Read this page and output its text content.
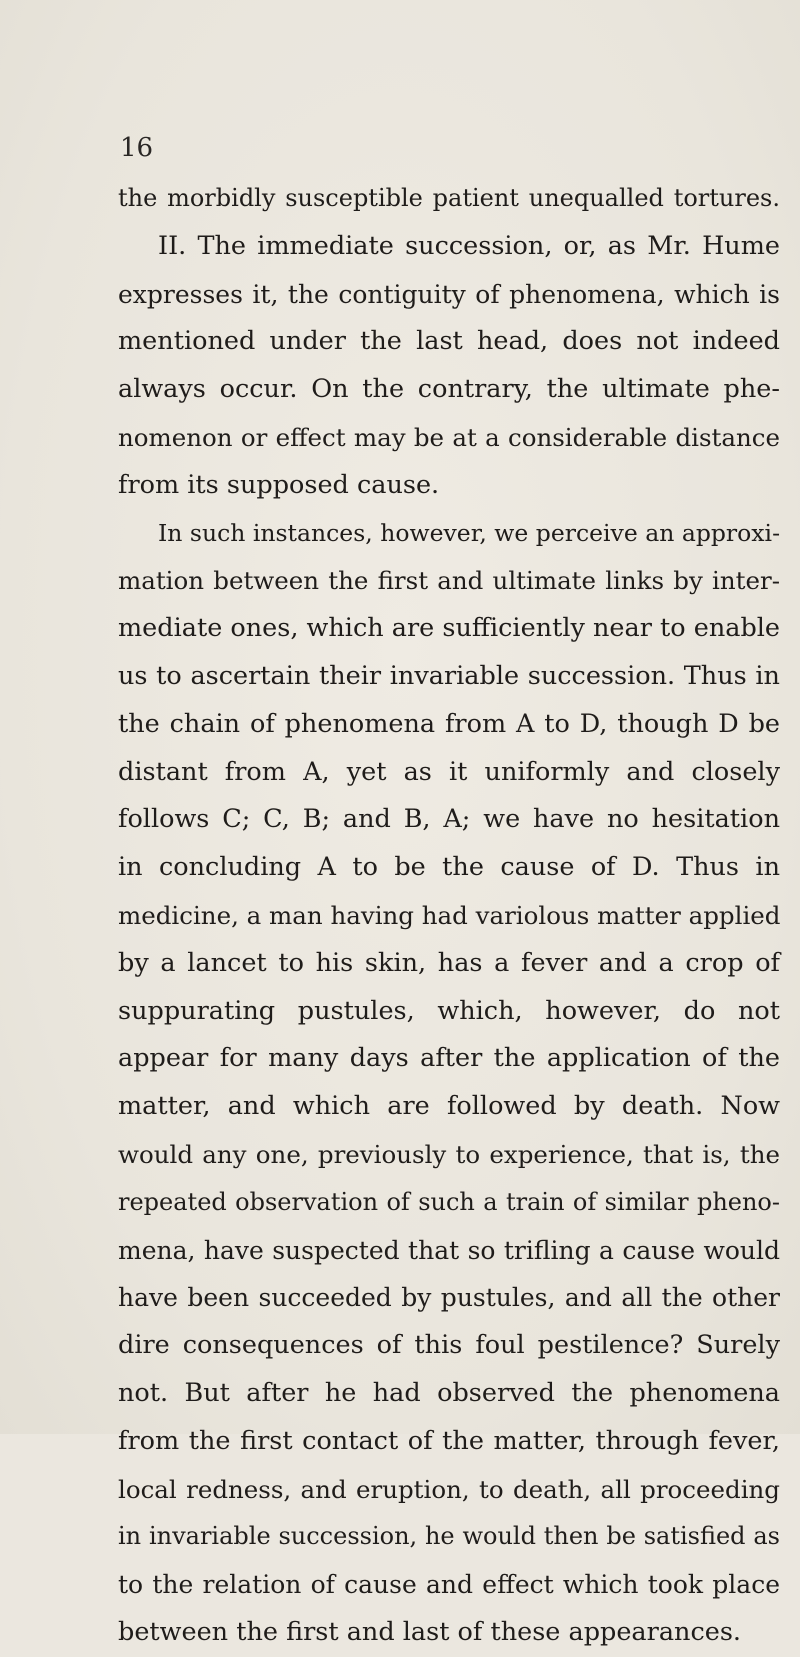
16
the morbidly susceptible patient unequalled tortures.
II. The immediate succession, or, as Mr. Hume
expresses it, the contiguity of phenomena, which is
mentioned under the last head, does not indeed
always occur. On the contrary, the ultimate phe-
nomenon or effect may be at a considerable distance
from its supposed cause.
In such instances, however, we perceive an approxi-
mation between the first and ultimate links by inter-
mediate ones, which are sufficiently near to enable
us to ascertain their invariable succession. Thus in
the chain of phenomena from A to D, though D be
distant from A, yet as it uniformly and closely
follows C; C, B; and B, A; we have no hesitation
in concluding A to be the cause of D. Thus in
medicine, a man having had variolous matter applied
by a lancet to his skin, has a fever and a crop of
suppurating pustules, which, however, do not
appear for many days after the application of the
matter, and which are followed by death. Now
would any one, previously to experience, that is, the
repeated observation of such a train of similar pheno-
mena, have suspected that so trifling a cause would
have been succeeded by pustules, and all the other
dire consequences of this foul pestilence? Surely
not. But after he had observed the phenomena
from the first contact of the matter, through fever,
local redness, and eruption, to death, all proceeding
in invariable succession, he would then be satisfied as
to the relation of cause and effect which took place
between the first and last of these appearances.
